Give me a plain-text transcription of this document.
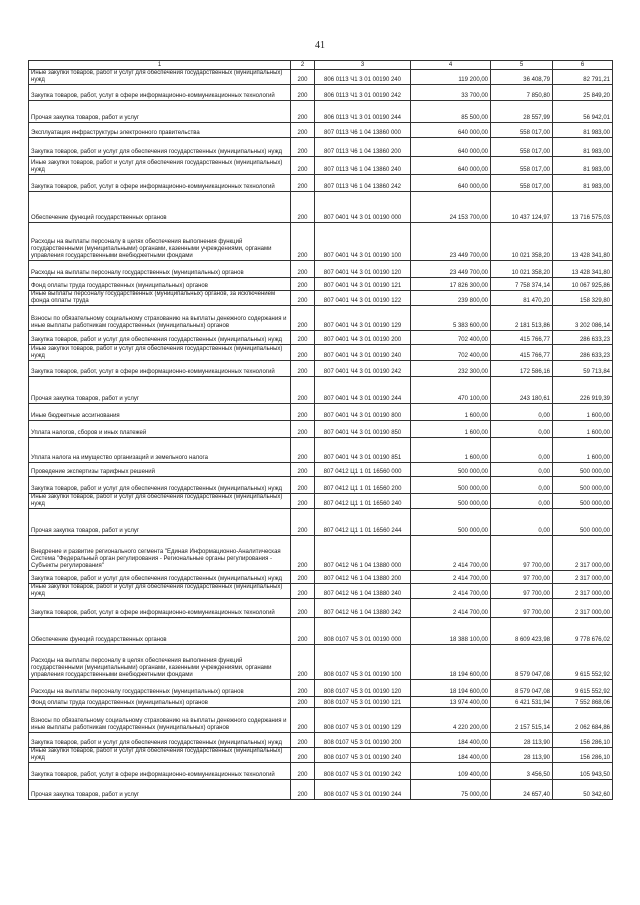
41
1	2	3	4	5	6
Иные закупки товаров, работ и услуг для обеспечения государственных (муниципальных) нужд	200	806 0113 Ч1 3 01 00190 240	119 200,00	36 408,79	82 791,21
Закупка товаров, работ, услуг в сфере информационно-коммуникационных технологий	200	806 0113 Ч1 3 01 00190 242	33 700,00	7 850,80	25 849,20
Прочая закупка товаров, работ и услуг	200	806 0113 Ч1 3 01 00190 244	85 500,00	28 557,99	56 942,01
Эксплуатация инфраструктуры электронного правительства	200	807 0113 Ч6 1 04 13860 000	640 000,00	558 017,00	81 983,00
Закупка товаров, работ и услуг для обеспечения государственных (муниципальных) нужд	200	807 0113 Ч6 1 04 13860 200	640 000,00	558 017,00	81 983,00
Иные закупки товаров, работ и услуг для обеспечения государственных (муниципальных) нужд	200	807 0113 Ч6 1 04 13860 240	640 000,00	558 017,00	81 983,00
Закупка товаров, работ, услуг в сфере информационно-коммуникационных технологий	200	807 0113 Ч6 1 04 13860 242	640 000,00	558 017,00	81 983,00
Обеспечение функций государственных органов	200	807 0401 Ч4 3 01 00190 000	24 153 700,00	10 437 124,97	13 716 575,03
Расходы на выплаты персоналу в целях обеспечения выполнения функций государственными (муниципальными) органами, казенными учреждениями, органами управления государственными внебюджетными фондами	200	807 0401 Ч4 3 01 00190 100	23 449 700,00	10 021 358,20	13 428 341,80
Расходы на выплаты персоналу государственных (муниципальных) органов	200	807 0401 Ч4 3 01 00190 120	23 449 700,00	10 021 358,20	13 428 341,80
Фонд оплаты труда государственных (муниципальных) органов	200	807 0401 Ч4 3 01 00190 121	17 826 300,00	7 758 374,14	10 067 925,86
Иные выплаты персоналу государственных (муниципальных) органов, за исключением фонда оплаты труда	200	807 0401 Ч4 3 01 00190 122	239 800,00	81 470,20	158 329,80
Взносы по обязательному социальному страхованию на выплаты денежного содержания и иные выплаты работникам государственных (муниципальных) органов	200	807 0401 Ч4 3 01 00190 129	5 383 600,00	2 181 513,86	3 202 086,14
Закупка товаров, работ и услуг для обеспечения государственных (муниципальных) нужд	200	807 0401 Ч4 3 01 00190 200	702 400,00	415 766,77	286 633,23
Иные закупки товаров, работ и услуг для обеспечения государственных (муниципальных) нужд	200	807 0401 Ч4 3 01 00190 240	702 400,00	415 766,77	286 633,23
Закупка товаров, работ, услуг в сфере информационно-коммуникационных технологий	200	807 0401 Ч4 3 01 00190 242	232 300,00	172 586,16	59 713,84
Прочая закупка товаров, работ и услуг	200	807 0401 Ч4 3 01 00190 244	470 100,00	243 180,61	226 919,39
Иные бюджетные ассигнования	200	807 0401 Ч4 3 01 00190 800	1 600,00	0,00	1 600,00
Уплата налогов, сборов и иных платежей	200	807 0401 Ч4 3 01 00190 850	1 600,00	0,00	1 600,00
Уплата налога на имущество организаций и земельного налога	200	807 0401 Ч4 3 01 00190 851	1 600,00	0,00	1 600,00
Проведение экспертизы тарифных решений	200	807 0412 Ц1 1 01 16560 000	500 000,00	0,00	500 000,00
Закупка товаров, работ и услуг для обеспечения государственных (муниципальных) нужд	200	807 0412 Ц1 1 01 16560 200	500 000,00	0,00	500 000,00
Иные закупки товаров, работ и услуг для обеспечения государственных (муниципальных) нужд	200	807 0412 Ц1 1 01 16560 240	500 000,00	0,00	500 000,00
Прочая закупка товаров, работ и услуг	200	807 0412 Ц1 1 01 16560 244	500 000,00	0,00	500 000,00
Внедрение и развитие регионального сегмента "Единая Информационно-Аналитическая Система "Федеральный орган регулирования - Региональные органы регулирования - Субъекты регулирования"	200	807 0412 Ч6 1 04 13880 000	2 414 700,00	97 700,00	2 317 000,00
Закупка товаров, работ и услуг для обеспечения государственных (муниципальных) нужд	200	807 0412 Ч6 1 04 13880 200	2 414 700,00	97 700,00	2 317 000,00
Иные закупки товаров, работ и услуг для обеспечения государственных (муниципальных) нужд	200	807 0412 Ч6 1 04 13880 240	2 414 700,00	97 700,00	2 317 000,00
Закупка товаров, работ, услуг в сфере информационно-коммуникационных технологий	200	807 0412 Ч6 1 04 13880 242	2 414 700,00	97 700,00	2 317 000,00
Обеспечение функций государственных органов	200	808 0107 Ч5 3 01 00190 000	18 388 100,00	8 609 423,98	9 778 676,02
Расходы на выплаты персоналу в целях обеспечения выполнения функций государственными (муниципальными) органами, казенными учреждениями, органами управления государственными внебюджетными фондами	200	808 0107 Ч5 3 01 00190 100	18 194 600,00	8 579 047,08	9 615 552,92
Расходы на выплаты персоналу государственных (муниципальных) органов	200	808 0107 Ч5 3 01 00190 120	18 194 600,00	8 579 047,08	9 615 552,92
Фонд оплаты труда государственных (муниципальных) органов	200	808 0107 Ч5 3 01 00190 121	13 974 400,00	6 421 531,94	7 552 868,06
Взносы по обязательному социальному страхованию на выплаты денежного содержания и иные выплаты работникам государственных (муниципальных) органов	200	808 0107 Ч5 3 01 00190 129	4 220 200,00	2 157 515,14	2 062 684,86
Закупка товаров, работ и услуг для обеспечения государственных (муниципальных) нужд	200	808 0107 Ч5 3 01 00190 200	184 400,00	28 113,90	156 286,10
Иные закупки товаров, работ и услуг для обеспечения государственных (муниципальных) нужд	200	808 0107 Ч5 3 01 00190 240	184 400,00	28 113,90	156 286,10
Закупка товаров, работ, услуг в сфере информационно-коммуникационных технологий	200	808 0107 Ч5 3 01 00190 242	109 400,00	3 456,50	105 943,50
Прочая закупка товаров, работ и услуг	200	808 0107 Ч5 3 01 00190 244	75 000,00	24 657,40	50 342,60
